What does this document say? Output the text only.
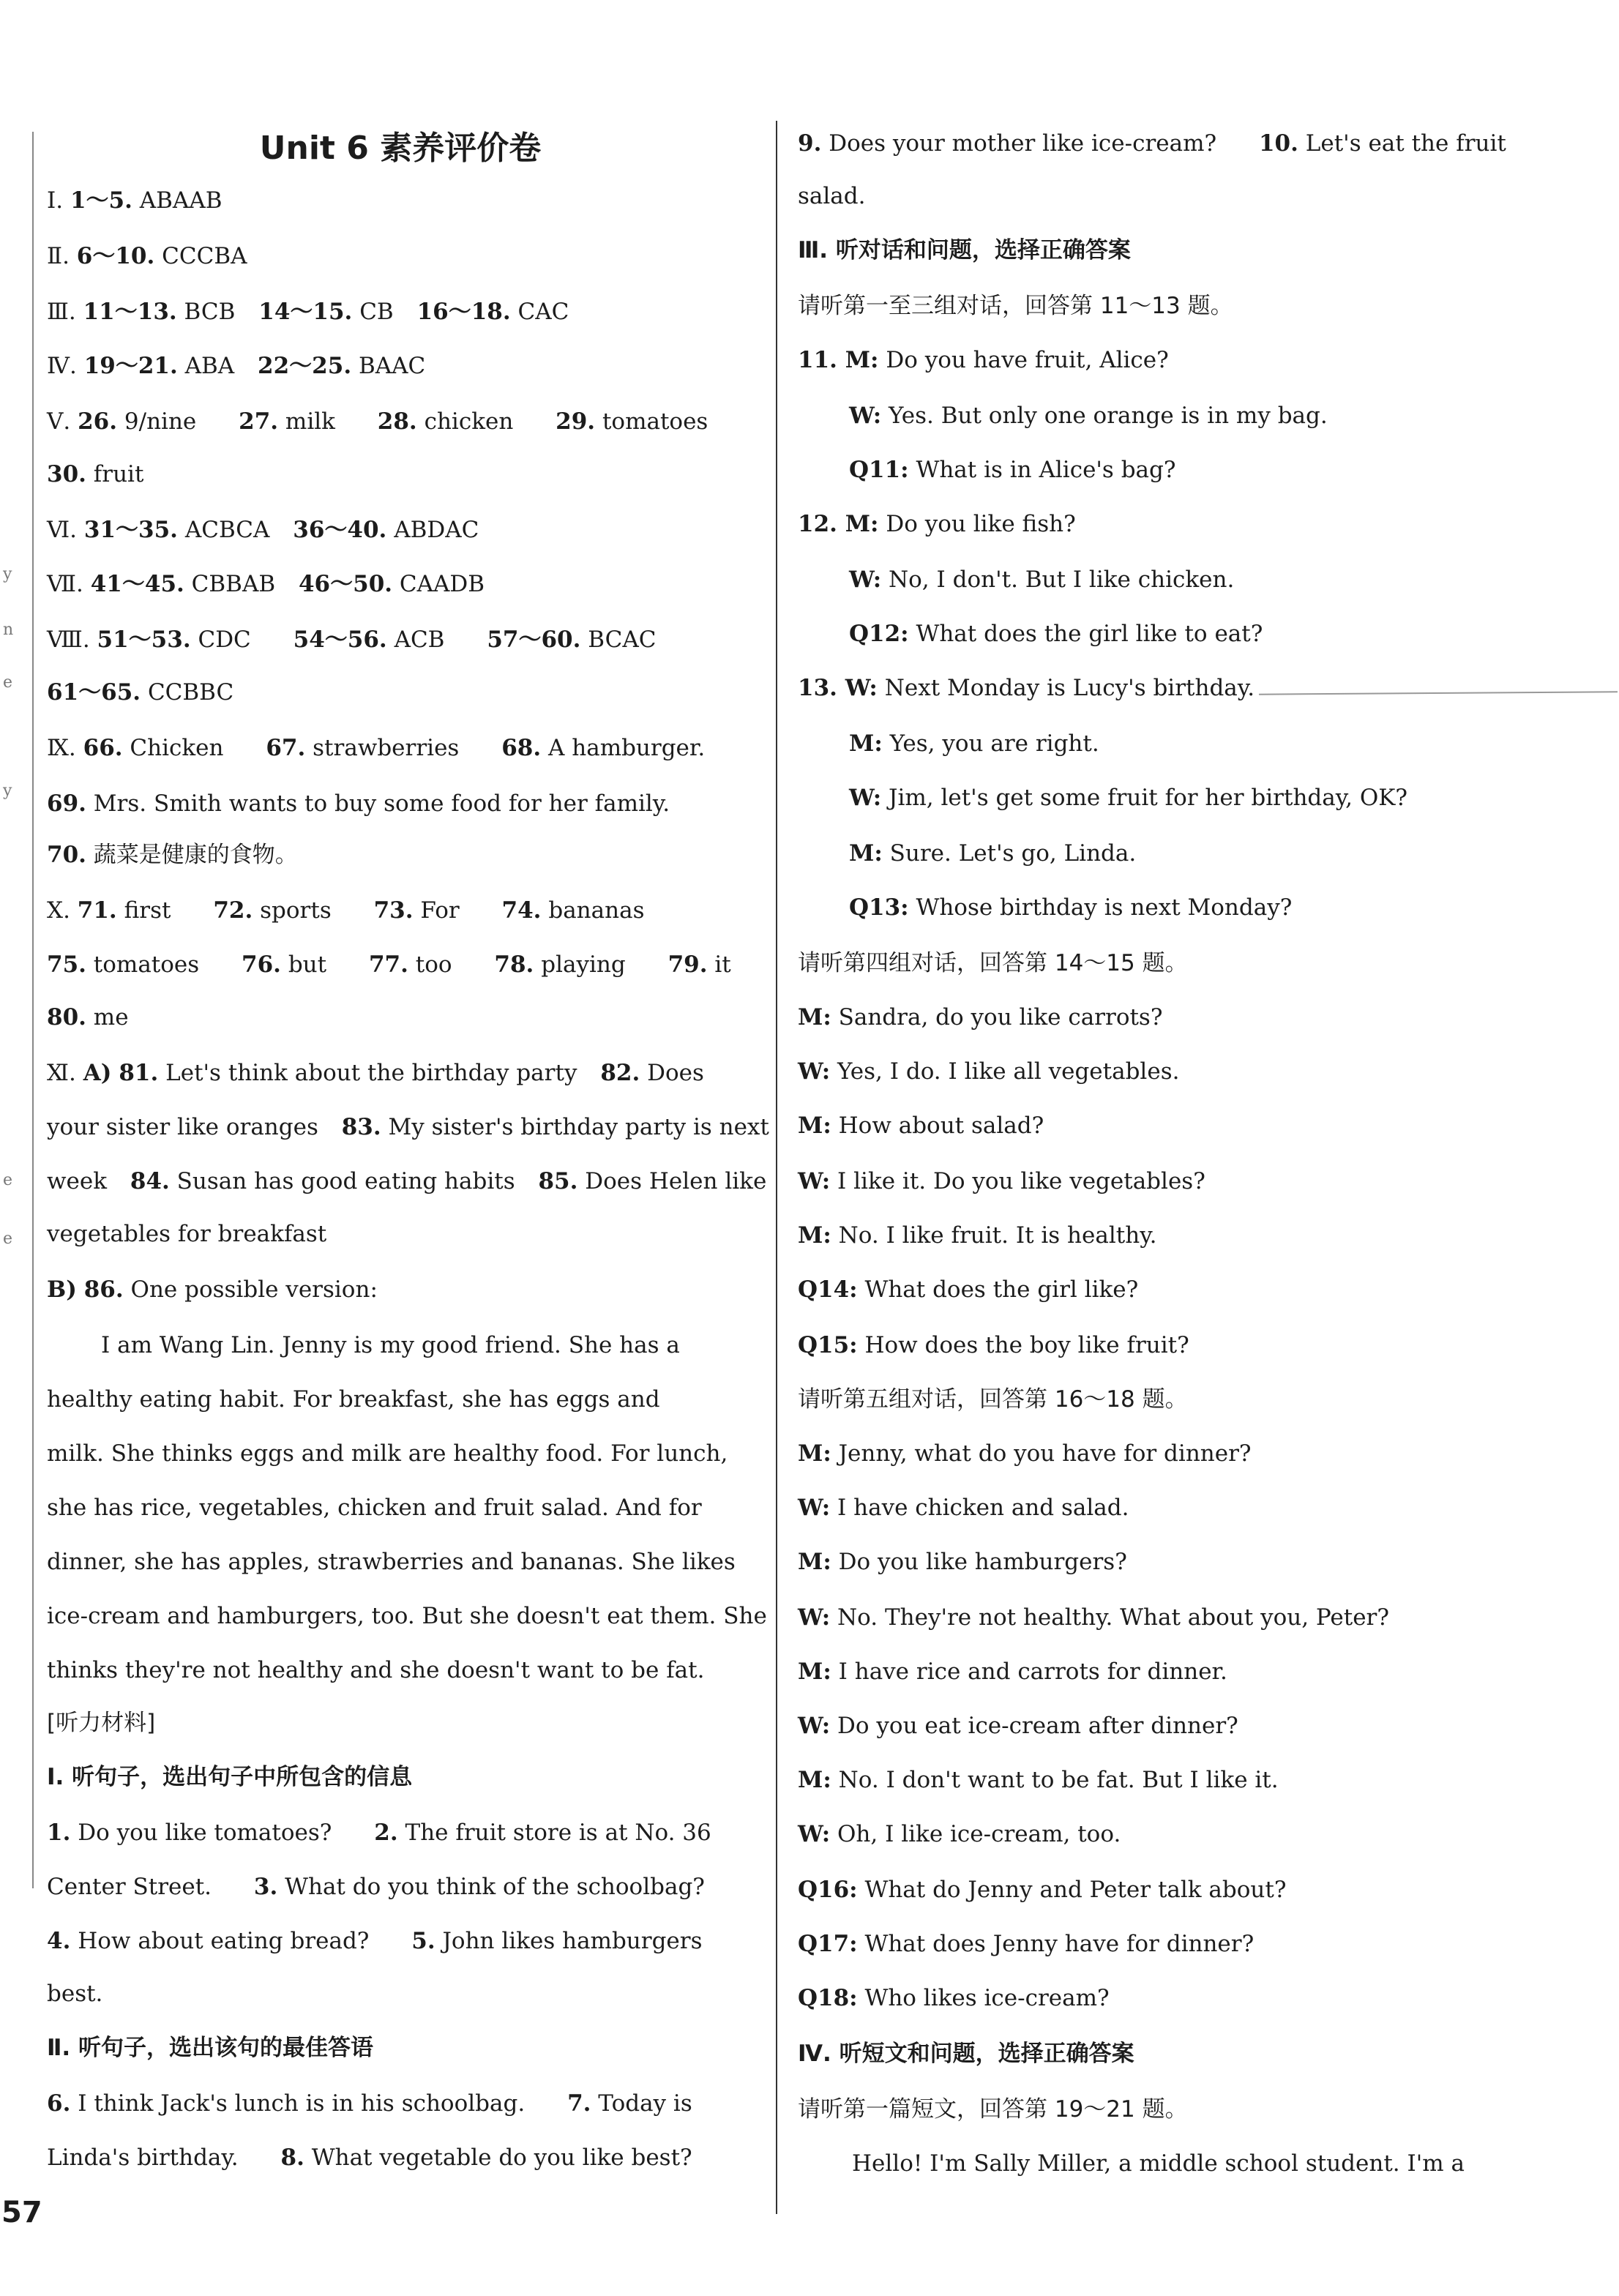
y
n
e
y
e
e
Unit 6 素养评价卷
Ⅰ. 1～5. ABAAB
Ⅱ. 6～10. CCCBA
Ⅲ. 11～13. BCB 14～15. CB 16～18. CAC
Ⅳ. 19～21. ABA 22～25. BAAC
Ⅴ. 26. 9/nine 27. milk 28. chicken 29. tomatoes
30. fruit
Ⅵ. 31～35. ACBCA 36～40. ABDAC
Ⅶ. 41～45. CBBAB 46～50. CAADB
Ⅷ. 51～53. CDC 54～56. ACB 57～60. BCAC
61～65. CCBBC
Ⅸ. 66. Chicken 67. strawberries 68. A hamburger.
69. Mrs. Smith wants to buy some food for her family.
70. 蔬菜是健康的食物。
Ⅹ. 71. first 72. sports 73. For 74. bananas
75. tomatoes 76. but 77. too 78. playing 79. it
80. me
Ⅺ. A) 81. Let's think about the birthday party 82. Does
your sister like oranges 83. My sister's birthday party is next
week 84. Susan has good eating habits 85. Does Helen like
vegetables for breakfast
B) 86. One possible version:
I am Wang Lin. Jenny is my good friend. She has a
healthy eating habit. For breakfast, she has eggs and
milk. She thinks eggs and milk are healthy food. For lunch,
she has rice, vegetables, chicken and fruit salad. And for
dinner, she has apples, strawberries and bananas. She likes
ice-cream and hamburgers, too. But she doesn't eat them. She
thinks they're not healthy and she doesn't want to be fat.
[听力材料]
Ⅰ. 听句子，选出句子中所包含的信息
1. Do you like tomatoes? 2. The fruit store is at No. 36
Center Street. 3. What do you think of the schoolbag?
4. How about eating bread? 5. John likes hamburgers
best.
Ⅱ. 听句子，选出该句的最佳答语
6. I think Jack's lunch is in his schoolbag. 7. Today is
Linda's birthday. 8. What vegetable do you like best?
57
9. Does your mother like ice-cream? 10. Let's eat the fruit
salad.
Ⅲ. 听对话和问题，选择正确答案
请听第一至三组对话，回答第 11～13 题。
11. M: Do you have fruit, Alice?
W: Yes. But only one orange is in my bag.
Q11: What is in Alice's bag?
12. M: Do you like fish?
W: No, I don't. But I like chicken.
Q12: What does the girl like to eat?
13. W: Next Monday is Lucy's birthday.
M: Yes, you are right.
W: Jim, let's get some fruit for her birthday, OK?
M: Sure. Let's go, Linda.
Q13: Whose birthday is next Monday?
请听第四组对话，回答第 14～15 题。
M: Sandra, do you like carrots?
W: Yes, I do. I like all vegetables.
M: How about salad?
W: I like it. Do you like vegetables?
M: No. I like fruit. It is healthy.
Q14: What does the girl like?
Q15: How does the boy like fruit?
请听第五组对话，回答第 16～18 题。
M: Jenny, what do you have for dinner?
W: I have chicken and salad.
M: Do you like hamburgers?
W: No. They're not healthy. What about you, Peter?
M: I have rice and carrots for dinner.
W: Do you eat ice-cream after dinner?
M: No. I don't want to be fat. But I like it.
W: Oh, I like ice-cream, too.
Q16: What do Jenny and Peter talk about?
Q17: What does Jenny have for dinner?
Q18: Who likes ice-cream?
Ⅳ. 听短文和问题，选择正确答案
请听第一篇短文，回答第 19～21 题。
Hello! I'm Sally Miller, a middle school student. I'm a
